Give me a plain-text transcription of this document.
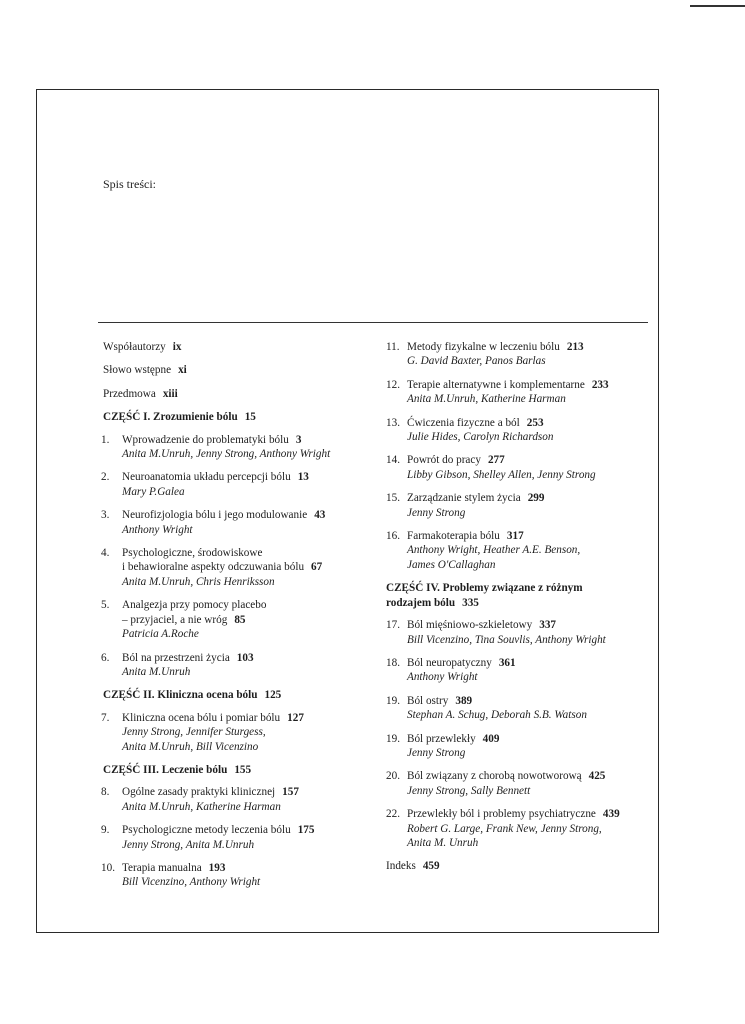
Spis treści:
Współautorzy ix
Słowo wstępne xi
Przedmowa xiii
CZĘŚĆ I. Zrozumienie bólu 15
1.	Wprowadzenie do problematyki bólu 3
Anita M.Unruh, Jenny Strong, Anthony Wright
2.	Neuroanatomia układu percepcji bólu 13
Mary P.Galea
3.	Neurofizjologia bólu i jego modulowanie 43
Anthony Wright
4.	Psychologiczne, środowiskowe
i behawioralne aspekty odczuwania bólu 67
Anita M.Unruh, Chris Henriksson
5.	Analgezja przy pomocy placebo
– przyjaciel, a nie wróg 85
Patricia A.Roche
6.	Ból na przestrzeni życia 103
Anita M.Unruh
CZĘŚĆ II. Kliniczna ocena bólu 125
7.	Kliniczna ocena bólu i pomiar bólu 127
Jenny Strong, Jennifer Sturgess,
Anita M.Unruh, Bill Vicenzino
CZĘŚĆ III. Leczenie bólu 155
8.	Ogólne zasady praktyki klinicznej 157
Anita M.Unruh, Katherine Harman
9.	Psychologiczne metody leczenia bólu 175
Jenny Strong, Anita M.Unruh
10. Terapia manualna 193
Bill Vicenzino, Anthony Wright
11. Metody fizykalne w leczeniu bólu 213
G. David Baxter, Panos Barlas
12. Terapie alternatywne i komplementarne 233
Anita M.Unruh, Katherine Harman
13. Ćwiczenia fizyczne a ból 253
Julie Hides, Carolyn Richardson
14. Powrót do pracy 277
Libby Gibson, Shelley Allen, Jenny Strong
15. Zarządzanie stylem życia 299
Jenny Strong
16. Farmakoterapia bólu 317
Anthony Wright, Heather A.E. Benson,
James O'Callaghan
CZĘŚĆ IV. Problemy związane z różnym
rodzajem bólu 335
17. Ból mięśniowo-szkieletowy 337
Bill Vicenzino, Tina Souvlis, Anthony Wright
18. Ból neuropatyczny 361
Anthony Wright
19. Ból ostry 389
Stephan A. Schug, Deborah S.B. Watson
19. Ból przewlekły 409
Jenny Strong
20. Ból związany z chorobą nowotworową 425
Jenny Strong, Sally Bennett
22. Przewlekły ból i problemy psychiatryczne 439
Robert G. Large, Frank New, Jenny Strong,
Anita M. Unruh
Indeks 459
